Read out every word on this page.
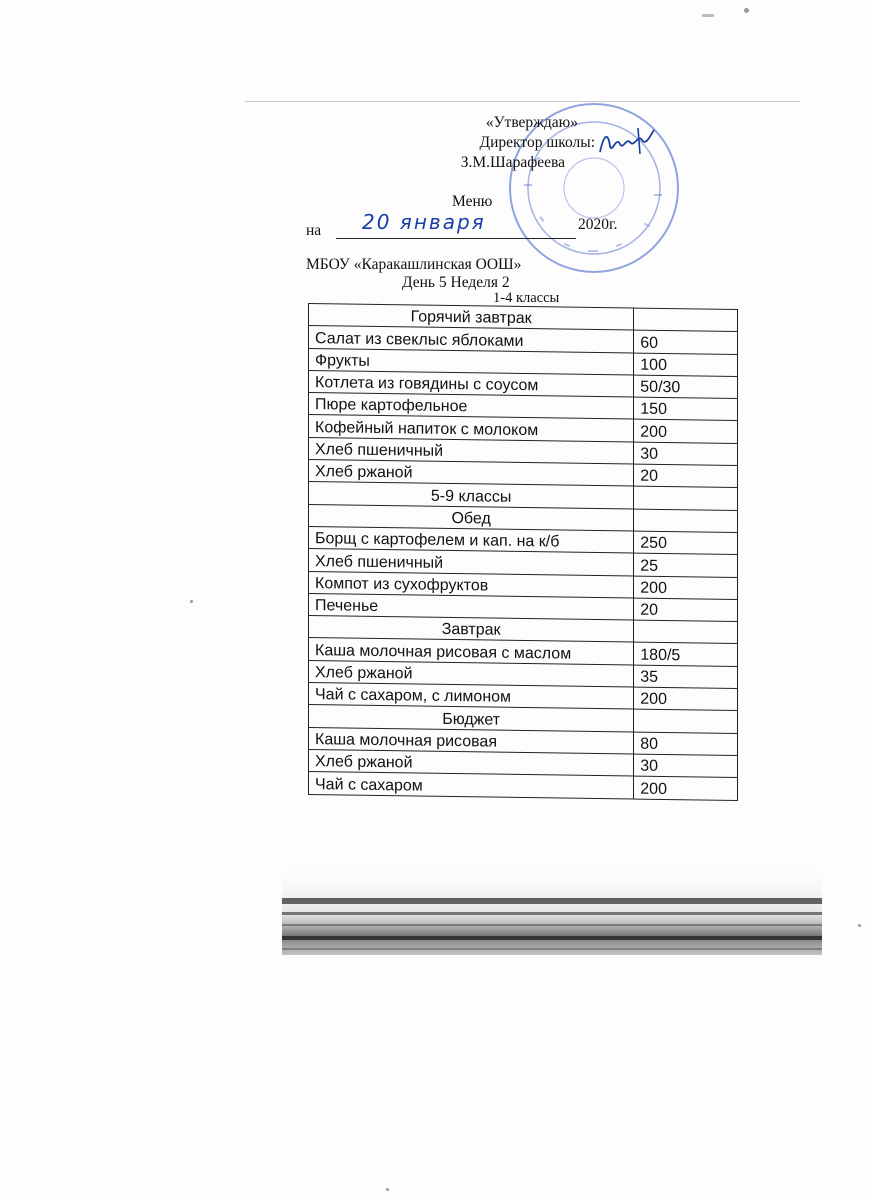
«Утверждаю»
Директор школы:
З.М.Шарафеева
Меню
на 20 января	2020г.
МБОУ «Каракашлинская ООШ»
День 5 Неделя 2
1-4 классы
Горячий завтрак	
Салат из свеклыс яблоками	60
Фрукты	100
Котлета из говядины с соусом	50/30
Пюре картофельное	150
Кофейный напиток с молоком	200
Хлеб пшеничный	30
Хлеб ржаной	20
5-9 классы	
Обед	
Борщ с картофелем и кап. на к/б	250
Хлеб пшеничный	25
Компот из сухофруктов	200
Печенье	20
Завтрак	
Каша молочная рисовая с маслом	180/5
Хлеб ржаной	35
Чай с сахаром, с лимоном	200
Бюджет	
Каша молочная рисовая	80
Хлеб ржаной	30
Чай с сахаром	200
